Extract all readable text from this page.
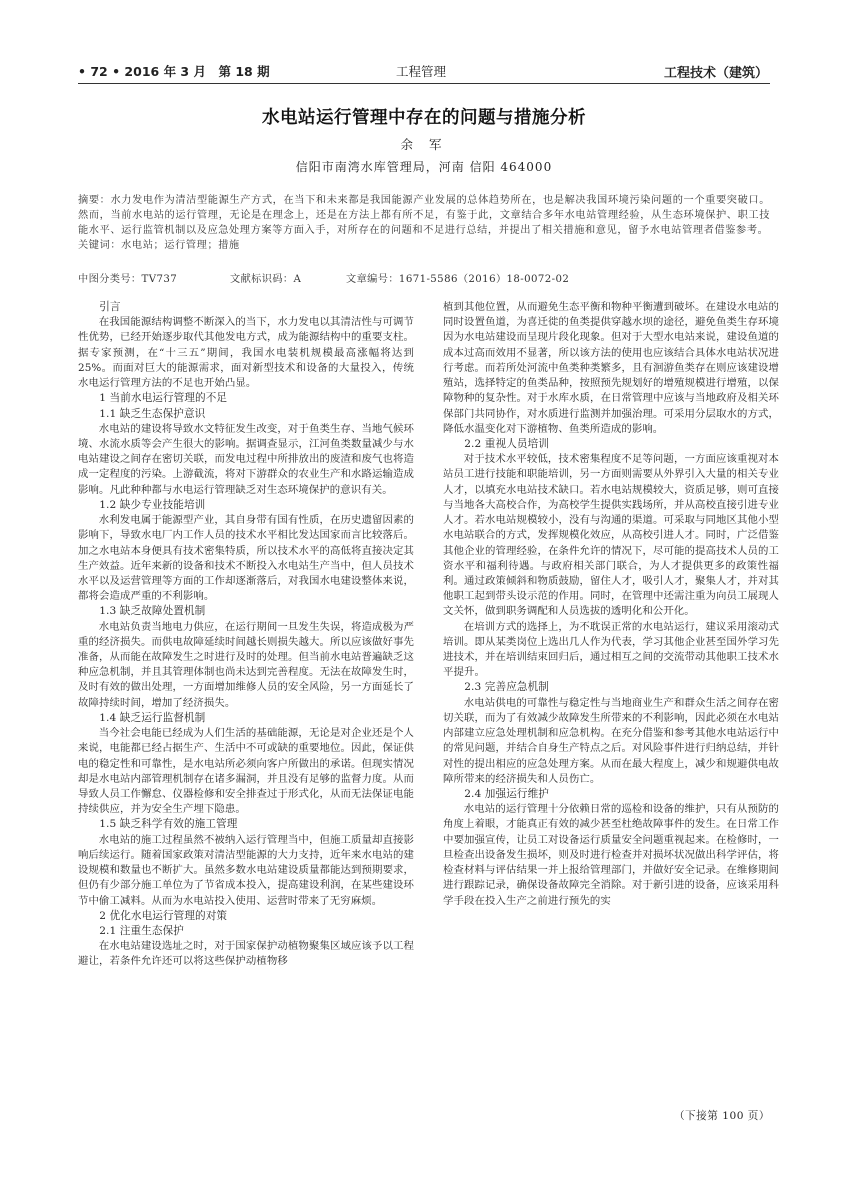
• 72 • 2016 年 3 月　第 18 期	工程管理	工程技术（建筑）
水电站运行管理中存在的问题与措施分析
余 军
信阳市南湾水库管理局，河南 信阳 464000

摘要：水力发电作为清洁型能源生产方式，在当下和未来都是我国能源产业发展的总体趋势所在，也是解决我国环境污染问题的一个重要突破口。然而，当前水电站的运行管理，无论是在理念上，还是在方法上都有所不足，有鉴于此，文章结合多年水电站管理经验，从生态环境保护、职工技能水平、运行监管机制以及应急处理方案等方面入手，对所存在的问题和不足进行总结，并提出了相关措施和意见，留予水电站管理者借鉴参考。

关键词：水电站；运行管理；措施

中图分类号：TV737	文献标识码：A	文章编号：1671-5586（2016）18-0072-02
引言

在我国能源结构调整不断深入的当下，水力发电以其清洁性与可调节性优势，已经开始逐步取代其他发电方式，成为能源结构中的重要支柱。据专家预测，在“十三五”期间，我国水电装机规模最高涨幅将达到 25%。而面对巨大的能源需求，面对新型技术和设备的大量投入，传统水电运行管理方法的不足也开始凸显。

1 当前水电运行管理的不足
1.1 缺乏生态保护意识

水电站的建设将导致水文特征发生改变，对于鱼类生存、当地气候环境、水流水质等会产生很大的影响。据调查显示，江河鱼类数量减少与水电站建设之间存在密切关联，而发电过程中所排放出的废渣和废气也将造成一定程度的污染。上游截流，将对下游群众的农业生产和水路运输造成影响。凡此种种都与水电运行管理缺乏对生态环境保护的意识有关。

1.2 缺少专业技能培训

水利发电属于能源型产业，其自身带有国有性质，在历史遗留因素的影响下，导致水电厂内工作人员的技术水平相比发达国家而言比较落后。加之水电站本身便具有技术密集特质，所以技术水平的高低将直接决定其生产效益。近年来新的设备和技术不断投入水电站生产当中，但人员技术水平以及运营管理等方面的工作却逐渐落后，对我国水电建设整体来说，都将会造成严重的不利影响。

1.3 缺乏故障处置机制

水电站负责当地电力供应，在运行期间一旦发生失误，将造成极为严重的经济损失。而供电故障延续时间越长则损失越大。所以应该做好事先准备，从而能在故障发生之时进行及时的处理。但当前水电站普遍缺乏这种应急机制，并且其管理体制也尚未达到完善程度。无法在故障发生时，及时有效的做出处理，一方面增加维修人员的安全风险，另一方面延长了故障持续时间，增加了经济损失。

1.4 缺乏运行监督机制

当今社会电能已经成为人们生活的基础能源，无论是对企业还是个人来说，电能都已经占据生产、生活中不可或缺的重要地位。因此，保证供电的稳定性和可靠性，是水电站所必须向客户所做出的承诺。但现实情况却是水电站内部管理机制存在诸多漏洞，并且没有足够的监督力度。从而导致人员工作懈怠、仪器检修和安全排查过于形式化，从而无法保证电能持续供应，并为安全生产埋下隐患。

1.5 缺乏科学有效的施工管理

水电站的施工过程虽然不被纳入运行管理当中，但施工质量却直接影响后续运行。随着国家政策对清洁型能源的大力支持，近年来水电站的建设规模和数量也不断扩大。虽然多数水电站建设质量都能达到预期要求，但仍有少部分施工单位为了节省成本投入，提高建设利润，在某些建设环节中偷工减料。从而为水电站投入使用、运营时带来了无穷麻烦。

2 优化水电运行管理的对策
2.1 注重生态保护

在水电站建设选址之时，对于国家保护动植物聚集区域应该予以工程避让，若条件允许还可以将这些保护动植物移

植到其他位置，从而避免生态平衡和物种平衡遭到破坏。在建设水电站的同时设置鱼道，为喜迁徙的鱼类提供穿越水坝的途径，避免鱼类生存环境因为水电站建设而呈现片段化现象。但对于大型水电站来说，建设鱼道的成本过高而效用不显著，所以该方法的使用也应该结合具体水电站状况进行考虑。而若所处河流中鱼类种类繁多，且有洄游鱼类存在则应该建设增殖站，选择特定的鱼类品种，按照预先规划好的增殖规模进行增殖，以保障物种的复杂性。对于水库水质，在日常管理中应该与当地政府及相关环保部门共同协作，对水质进行监测并加强治理。可采用分层取水的方式，降低水温变化对下游植物、鱼类所造成的影响。

2.2 重视人员培训

对于技术水平较低，技术密集程度不足等问题，一方面应该重视对本站员工进行技能和职能培训，另一方面则需要从外界引入大量的相关专业人才，以填充水电站技术缺口。若水电站规模较大，资质足够，则可直接与当地各大高校合作，为高校学生提供实践场所，并从高校直接引进专业人才。若水电站规模较小，没有与沟通的渠道。可采取与同地区其他小型水电站联合的方式，发挥规模化效应，从高校引进人才。同时，广泛借鉴其他企业的管理经验，在条件允许的情况下，尽可能的提高技术人员的工资水平和福利待遇。与政府相关部门联合，为人才提供更多的政策性福利。通过政策倾斜和物质鼓励，留住人才，吸引人才，聚集人才，并对其他职工起到带头设示范的作用。同时，在管理中还需注重为向员工展现人文关怀，做到职务调配和人员选拔的透明化和公开化。

在培训方式的选择上，为不耽误正常的水电站运行，建议采用滚动式培训。即从某类岗位上选出几人作为代表，学习其他企业甚至国外学习先进技术，并在培训结束回归后，通过相互之间的交流带动其他职工技术水平提升。

2.3 完善应急机制

水电站供电的可靠性与稳定性与当地商业生产和群众生活之间存在密切关联，而为了有效减少故障发生所带来的不利影响，因此必须在水电站内部建立应急处理机制和应急机构。在充分借鉴和参考其他水电站运行中的常见问题，并结合自身生产特点之后。对风险事件进行归纳总结，并针对性的提出相应的应急处理方案。从而在最大程度上，减少和规避供电故障所带来的经济损失和人员伤亡。

2.4 加强运行维护

水电站的运行管理十分依赖日常的巡检和设备的维护，只有从预防的角度上着眼，才能真正有效的减少甚至杜绝故障事件的发生。在日常工作中要加强宣传，让员工对设备运行质量安全问题重视起来。在检修时，一旦检查出设备发生损坏，则及时进行检查并对损坏状况做出科学评估，将检查材料与评估结果一并上报给管理部门，并做好安全记录。在维修期间进行跟踪记录，确保设备故障完全消除。对于新引进的设备，应该采用科学手段在投入生产之前进行预先的实

（下接第 100 页）
